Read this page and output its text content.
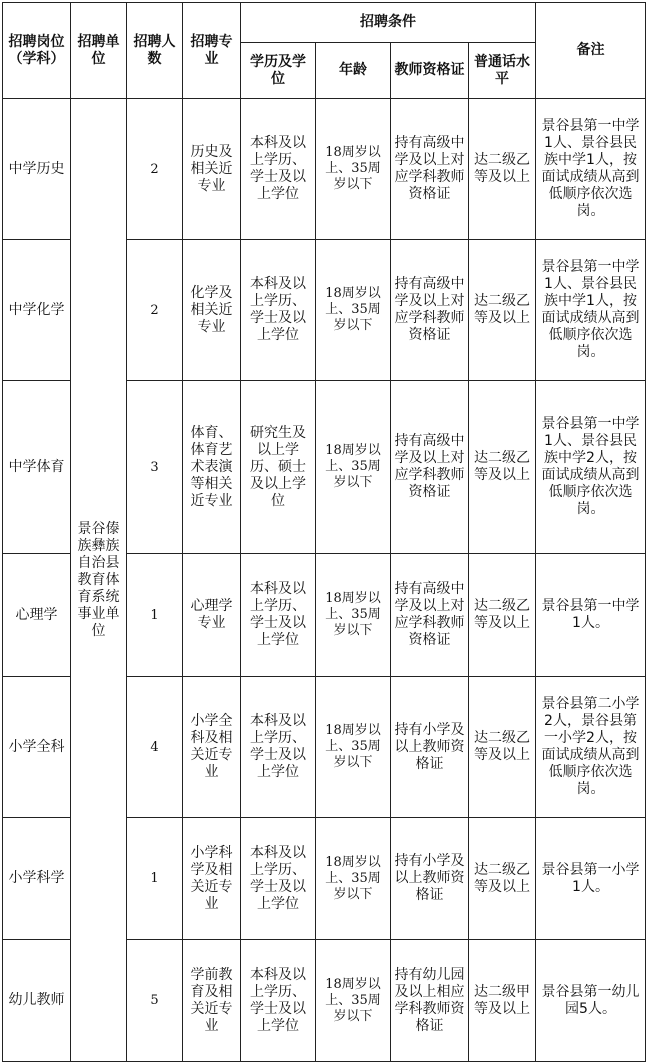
招聘岗位（学科）	招聘单位	招聘人数	招聘专业	招聘条件				备注
				学历及学位	年龄	教师资格证	普通话水平	
中学历史	景谷傣族彝族自治县教育体育系统事业单位	2	历史及相关近专业	本科及以上学历、学士及以上学位	18周岁以上、35周岁以下	持有高级中学及以上对应学科教师资格证	达二级乙等及以上	景谷县第一中学1人、景谷县民族中学1人，按面试成绩从高到低顺序依次选岗。
中学化学		2	化学及相关近专业	本科及以上学历、学士及以上学位	18周岁以上、35周岁以下	持有高级中学及以上对应学科教师资格证	达二级乙等及以上	景谷县第一中学1人、景谷县民族中学1人，按面试成绩从高到低顺序依次选岗。
中学体育		3	体育、体育艺术表演等相关近专业	研究生及以上学历、硕士及以上学位	18周岁以上、35周岁以下	持有高级中学及以上对应学科教师资格证	达二级乙等及以上	景谷县第一中学1人、景谷县民族中学2人，按面试成绩从高到低顺序依次选岗。
心理学		1	心理学专业	本科及以上学历、学士及以上学位	18周岁以上、35周岁以下	持有高级中学及以上对应学科教师资格证	达二级乙等及以上	景谷县第一中学1人。
小学全科		4	小学全科及相关近专业	本科及以上学历、学士及以上学位	18周岁以上、35周岁以下	持有小学及以上教师资格证	达二级乙等及以上	景谷县第二小学2人，景谷县第一小学2人，按面试成绩从高到低顺序依次选岗。
小学科学		1	小学科学及相关近专业	本科及以上学历、学士及以上学位	18周岁以上、35周岁以下	持有小学及以上教师资格证	达二级乙等及以上	景谷县第一小学1人。
幼儿教师		5	学前教育及相关近专业	本科及以上学历、学士及以上学位	18周岁以上、35周岁以下	持有幼儿园及以上相应学科教师资格证	达二级甲等及以上	景谷县第一幼儿园5人。
